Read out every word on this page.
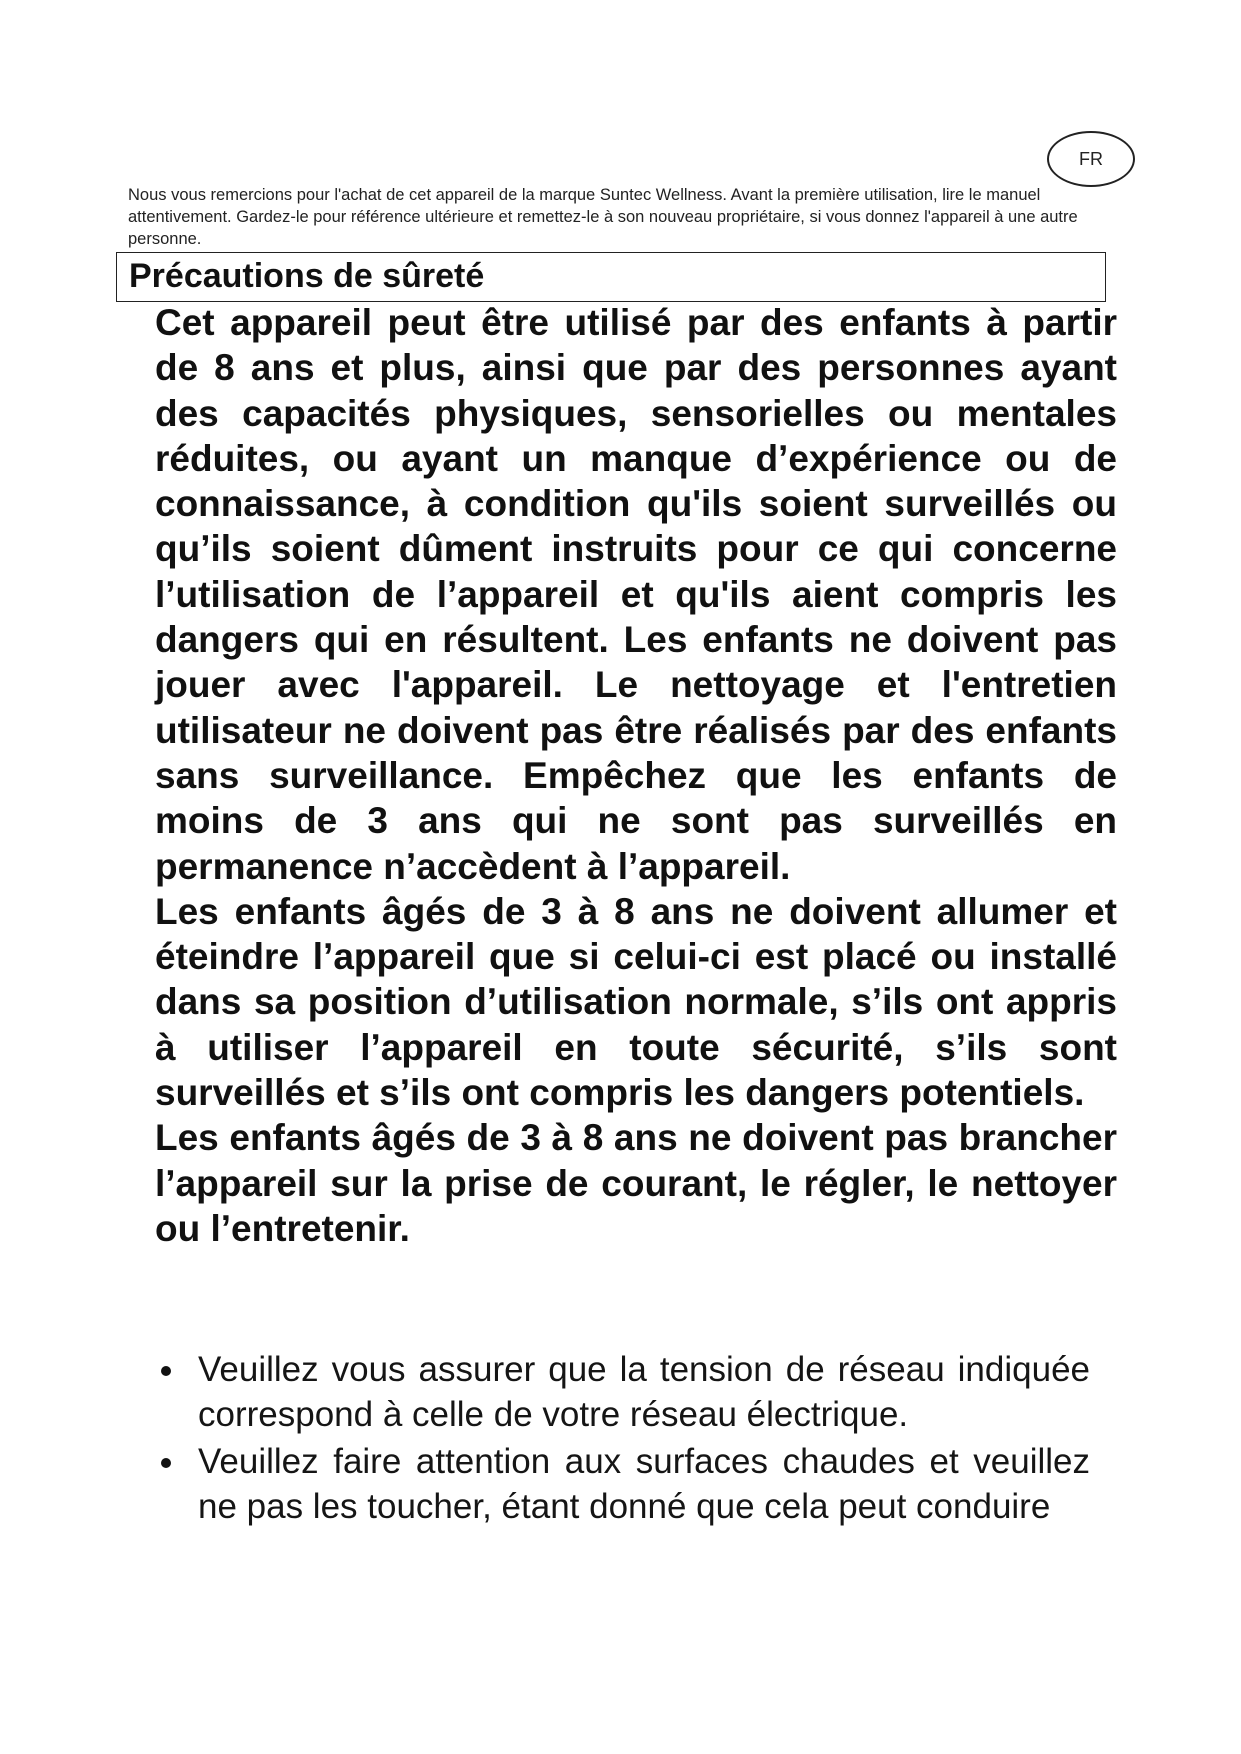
FR

Nous vous remercions pour l'achat de cet appareil de la marque Suntec Wellness. Avant la première utilisation, lire le manuel attentivement. Gardez-le pour référence ultérieure et remettez-le à son nouveau propriétaire, si vous donnez l'appareil à une autre personne.

Précautions de sûreté

Cet appareil peut être utilisé par des enfants à partir de 8 ans et plus, ainsi que par des personnes ayant des capacités physiques, sensorielles ou mentales réduites, ou ayant un manque d’expérience ou de connaissance, à condition qu'ils soient surveillés ou qu’ils soient dûment instruits pour ce qui concerne l’utilisation de l’appareil et qu'ils aient compris les dangers qui en résultent. Les enfants ne doivent pas jouer avec l'appareil. Le nettoyage et l'entretien utilisateur ne doivent pas être réalisés par des enfants sans surveillance. Empêchez que les enfants de moins de 3 ans qui ne sont pas surveillés en permanence n’accèdent à l’appareil.

Les enfants âgés de 3 à 8 ans ne doivent allumer et éteindre l’appareil que si celui-ci est placé ou installé dans sa position d’utilisation normale, s’ils ont appris à utiliser l’appareil en toute sécurité, s’ils sont surveillés et s’ils ont compris les dangers potentiels.

Les enfants âgés de 3 à 8 ans ne doivent pas brancher l’appareil sur la prise de courant, le régler, le nettoyer ou l’entretenir.

Veuillez vous assurer que la tension de réseau indiquée correspond à celle de votre réseau électrique.
Veuillez faire attention aux surfaces chaudes et veuillez ne pas les toucher, étant donné que cela peut conduire
